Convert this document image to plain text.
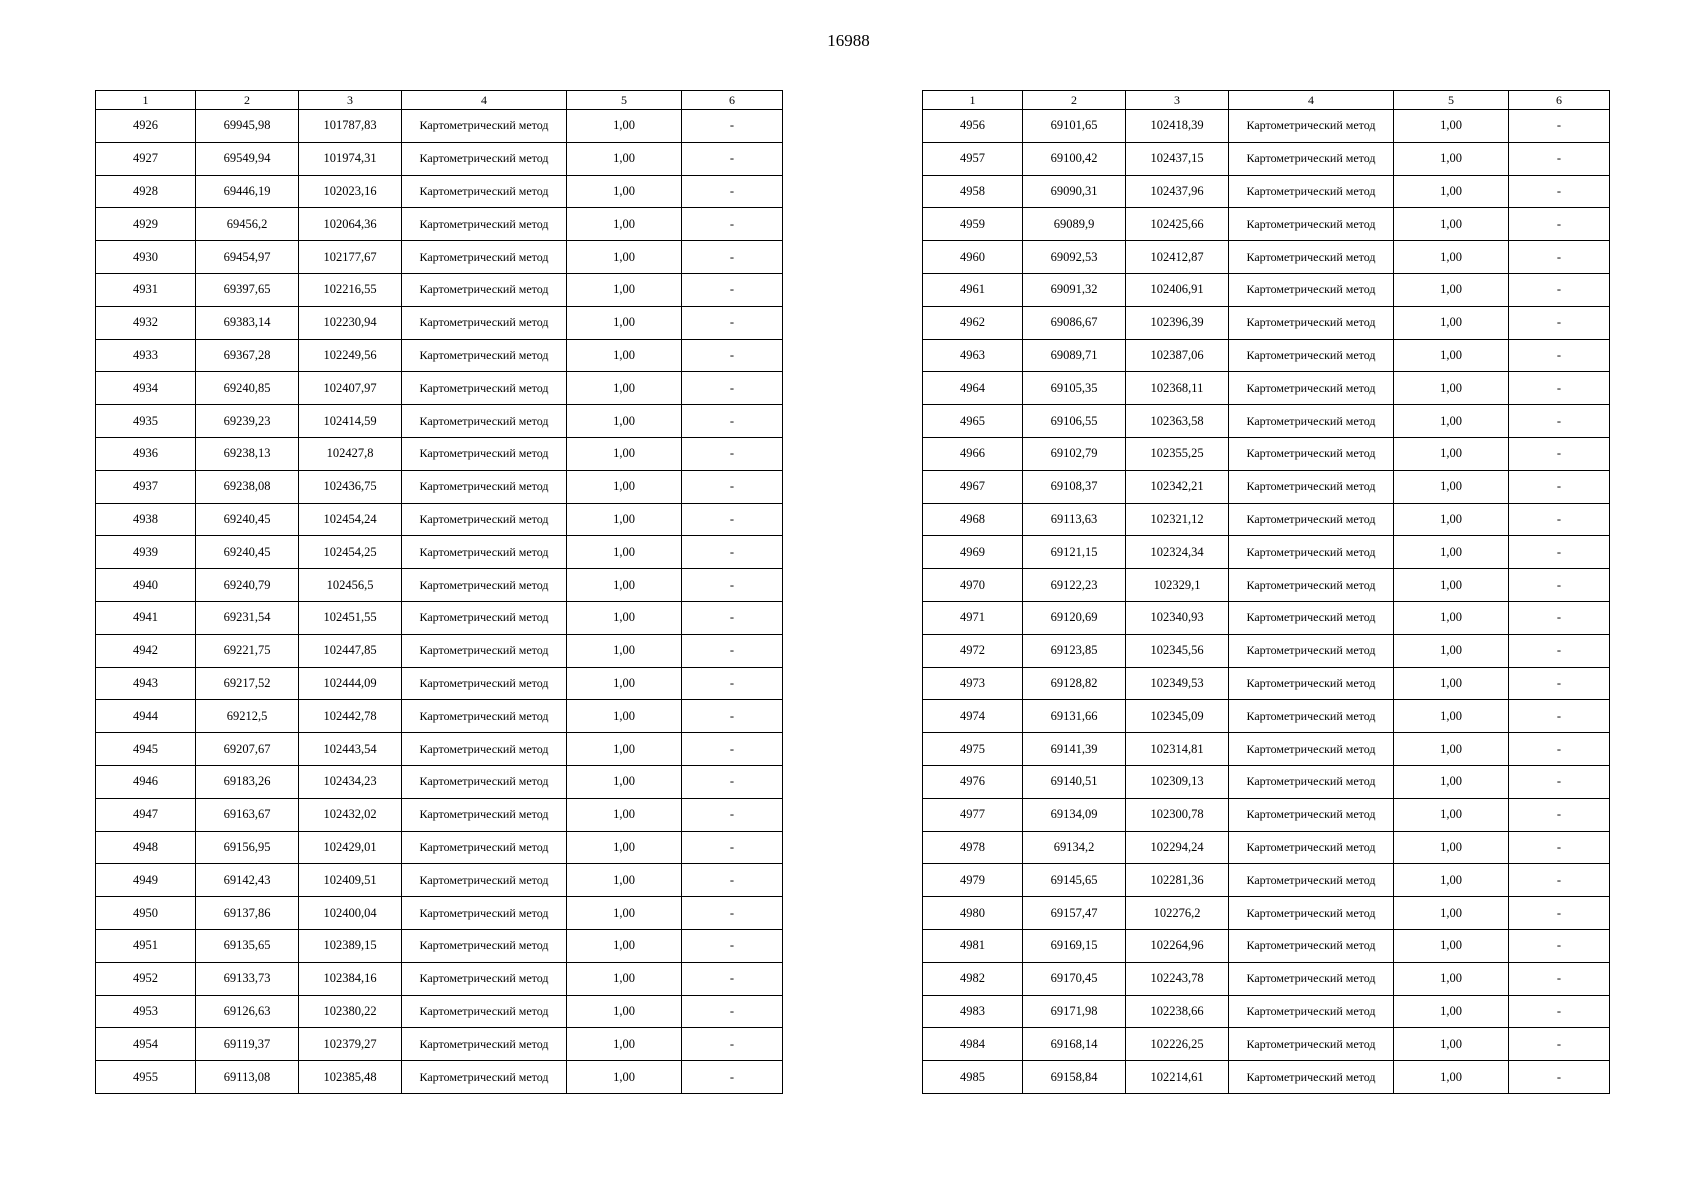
16988
1	2	3	4	5	6
4926	69945,98	101787,83	Картометрический метод	1,00	-
4927	69549,94	101974,31	Картометрический метод	1,00	-
4928	69446,19	102023,16	Картометрический метод	1,00	-
4929	69456,2	102064,36	Картометрический метод	1,00	-
4930	69454,97	102177,67	Картометрический метод	1,00	-
4931	69397,65	102216,55	Картометрический метод	1,00	-
4932	69383,14	102230,94	Картометрический метод	1,00	-
4933	69367,28	102249,56	Картометрический метод	1,00	-
4934	69240,85	102407,97	Картометрический метод	1,00	-
4935	69239,23	102414,59	Картометрический метод	1,00	-
4936	69238,13	102427,8	Картометрический метод	1,00	-
4937	69238,08	102436,75	Картометрический метод	1,00	-
4938	69240,45	102454,24	Картометрический метод	1,00	-
4939	69240,45	102454,25	Картометрический метод	1,00	-
4940	69240,79	102456,5	Картометрический метод	1,00	-
4941	69231,54	102451,55	Картометрический метод	1,00	-
4942	69221,75	102447,85	Картометрический метод	1,00	-
4943	69217,52	102444,09	Картометрический метод	1,00	-
4944	69212,5	102442,78	Картометрический метод	1,00	-
4945	69207,67	102443,54	Картометрический метод	1,00	-
4946	69183,26	102434,23	Картометрический метод	1,00	-
4947	69163,67	102432,02	Картометрический метод	1,00	-
4948	69156,95	102429,01	Картометрический метод	1,00	-
4949	69142,43	102409,51	Картометрический метод	1,00	-
4950	69137,86	102400,04	Картометрический метод	1,00	-
4951	69135,65	102389,15	Картометрический метод	1,00	-
4952	69133,73	102384,16	Картометрический метод	1,00	-
4953	69126,63	102380,22	Картометрический метод	1,00	-
4954	69119,37	102379,27	Картометрический метод	1,00	-
4955	69113,08	102385,48	Картометрический метод	1,00	-
1	2	3	4	5	6
4956	69101,65	102418,39	Картометрический метод	1,00	-
4957	69100,42	102437,15	Картометрический метод	1,00	-
4958	69090,31	102437,96	Картометрический метод	1,00	-
4959	69089,9	102425,66	Картометрический метод	1,00	-
4960	69092,53	102412,87	Картометрический метод	1,00	-
4961	69091,32	102406,91	Картометрический метод	1,00	-
4962	69086,67	102396,39	Картометрический метод	1,00	-
4963	69089,71	102387,06	Картометрический метод	1,00	-
4964	69105,35	102368,11	Картометрический метод	1,00	-
4965	69106,55	102363,58	Картометрический метод	1,00	-
4966	69102,79	102355,25	Картометрический метод	1,00	-
4967	69108,37	102342,21	Картометрический метод	1,00	-
4968	69113,63	102321,12	Картометрический метод	1,00	-
4969	69121,15	102324,34	Картометрический метод	1,00	-
4970	69122,23	102329,1	Картометрический метод	1,00	-
4971	69120,69	102340,93	Картометрический метод	1,00	-
4972	69123,85	102345,56	Картометрический метод	1,00	-
4973	69128,82	102349,53	Картометрический метод	1,00	-
4974	69131,66	102345,09	Картометрический метод	1,00	-
4975	69141,39	102314,81	Картометрический метод	1,00	-
4976	69140,51	102309,13	Картометрический метод	1,00	-
4977	69134,09	102300,78	Картометрический метод	1,00	-
4978	69134,2	102294,24	Картометрический метод	1,00	-
4979	69145,65	102281,36	Картометрический метод	1,00	-
4980	69157,47	102276,2	Картометрический метод	1,00	-
4981	69169,15	102264,96	Картометрический метод	1,00	-
4982	69170,45	102243,78	Картометрический метод	1,00	-
4983	69171,98	102238,66	Картометрический метод	1,00	-
4984	69168,14	102226,25	Картометрический метод	1,00	-
4985	69158,84	102214,61	Картометрический метод	1,00	-
